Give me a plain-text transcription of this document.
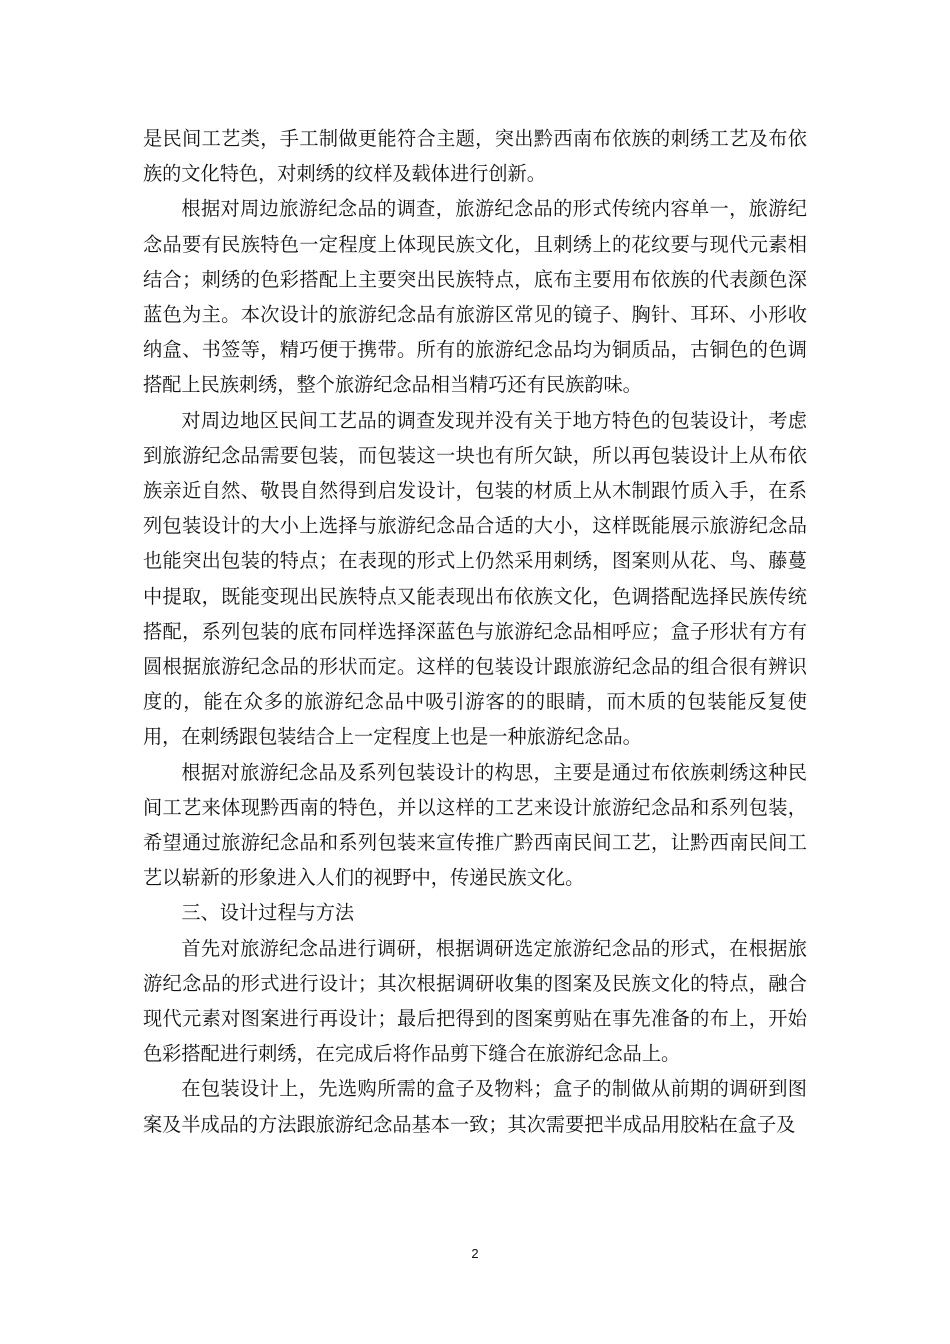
是民间工艺类，手工制做更能符合主题，突出黔西南布依族的刺绣工艺及布依族的文化特色，对刺绣的纹样及载体进行创新。

根据对周边旅游纪念品的调查，旅游纪念品的形式传统内容单一，旅游纪念品要有民族特色一定程度上体现民族文化，且刺绣上的花纹要与现代元素相结合；刺绣的色彩搭配上主要突出民族特点，底布主要用布依族的代表颜色深蓝色为主。本次设计的旅游纪念品有旅游区常见的镜子、胸针、耳环、小形收纳盒、书签等，精巧便于携带。所有的旅游纪念品均为铜质品，古铜色的色调搭配上民族刺绣，整个旅游纪念品相当精巧还有民族韵味。

对周边地区民间工艺品的调查发现并没有关于地方特色的包装设计，考虑到旅游纪念品需要包装，而包装这一块也有所欠缺，所以再包装设计上从布依族亲近自然、敬畏自然得到启发设计，包装的材质上从木制跟竹质入手，在系列包装设计的大小上选择与旅游纪念品合适的大小，这样既能展示旅游纪念品也能突出包装的特点；在表现的形式上仍然采用刺绣，图案则从花、鸟、藤蔓中提取，既能变现出民族特点又能表现出布依族文化，色调搭配选择民族传统搭配，系列包装的底布同样选择深蓝色与旅游纪念品相呼应；盒子形状有方有圆根据旅游纪念品的形状而定。这样的包装设计跟旅游纪念品的组合很有辨识度的，能在众多的旅游纪念品中吸引游客的的眼睛，而木质的包装能反复使用，在刺绣跟包装结合上一定程度上也是一种旅游纪念品。

根据对旅游纪念品及系列包装设计的构思，主要是通过布依族刺绣这种民间工艺来体现黔西南的特色，并以这样的工艺来设计旅游纪念品和系列包装，希望通过旅游纪念品和系列包装来宣传推广黔西南民间工艺，让黔西南民间工艺以崭新的形象进入人们的视野中，传递民族文化。

三、设计过程与方法

首先对旅游纪念品进行调研，根据调研选定旅游纪念品的形式，在根据旅游纪念品的形式进行设计；其次根据调研收集的图案及民族文化的特点，融合现代元素对图案进行再设计；最后把得到的图案剪贴在事先准备的布上，开始色彩搭配进行刺绣，在完成后将作品剪下缝合在旅游纪念品上。

在包装设计上，先选购所需的盒子及物料；盒子的制做从前期的调研到图案及半成品的方法跟旅游纪念品基本一致；其次需要把半成品用胶粘在盒子及

2
